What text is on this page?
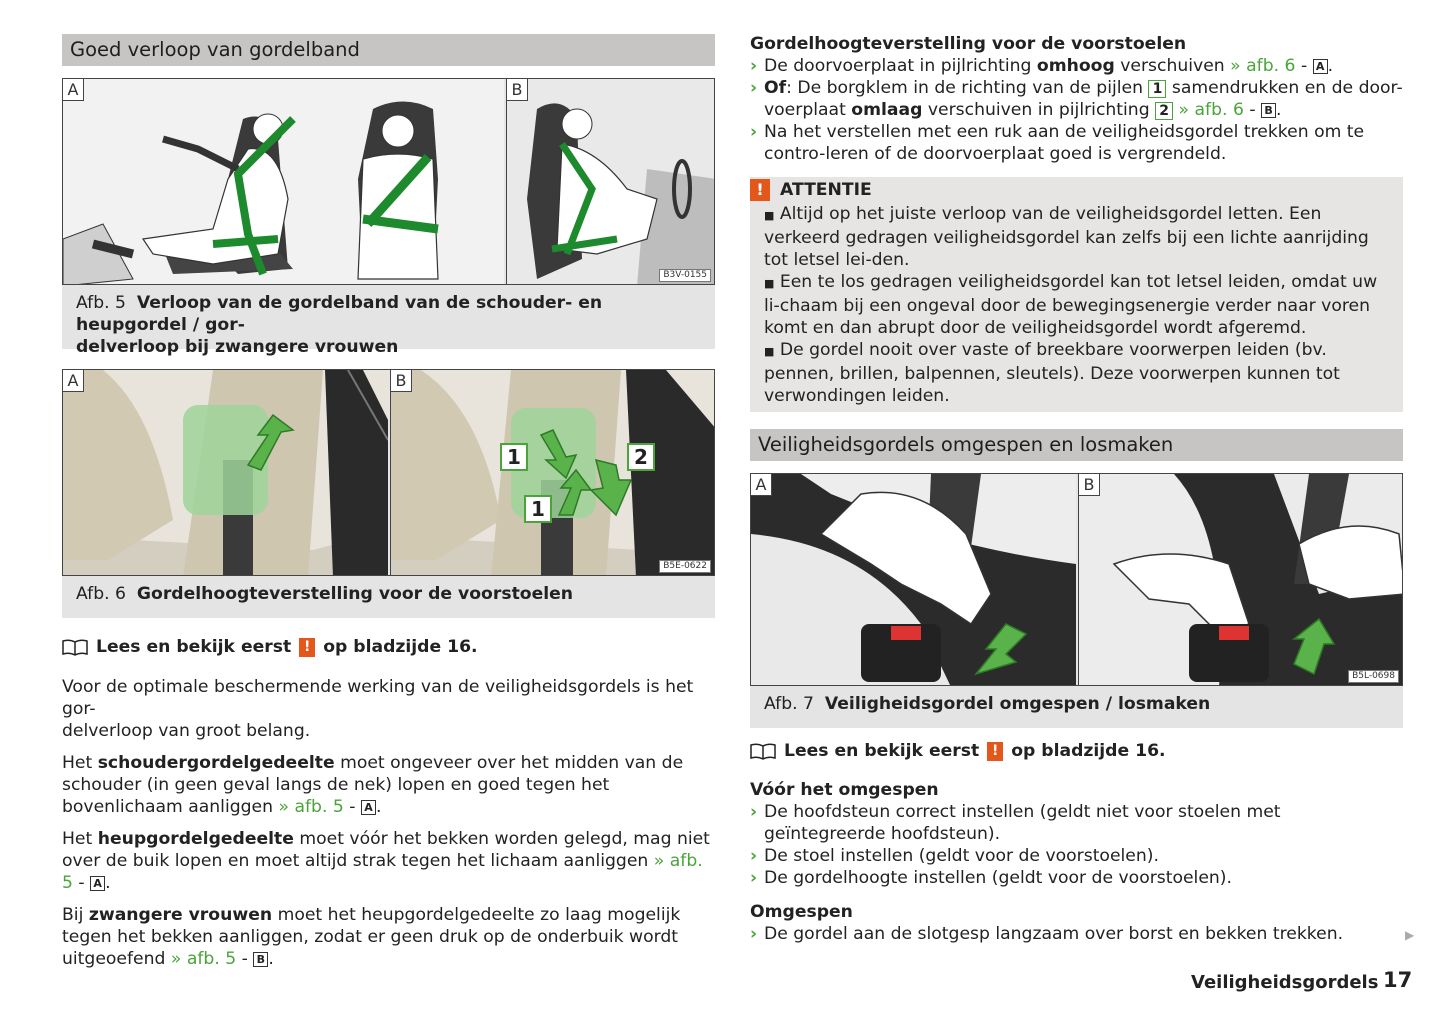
Goed verloop van gordelband
A	B
B3V-0155
Afb. 5 Verloop van de gordelband van de schouder- en heupgordel / gor-
delverloop bij zwangere vrouwen
A	B
1	2
1
B5E-0622
Afb. 6 Gordelhoogteverstelling voor de voorstoelen
Lees en bekijk eerst ! op bladzijde 16.

Voor de optimale beschermende werking van de veiligheidsgordels is het gor-
delverloop van groot belang.

Het schoudergordelgedeelte moet ongeveer over het midden van de schouder (in geen geval langs de nek) lopen en goed tegen het bovenlichaam aanliggen » afb. 5 - A .

Het heupgordelgedeelte moet vóór het bekken worden gelegd, mag niet over de buik lopen en moet altijd strak tegen het lichaam aanliggen » afb. 5 - A .

Bij zwangere vrouwen moet het heupgordelgedeelte zo laag mogelijk tegen het bekken aanliggen, zodat er geen druk op de onderbuik wordt uitgeoefend » afb. 5 - B .

Gordelhoogteverstelling voor de voorstoelen
› De doorvoerplaat in pijlrichting omhoog verschuiven » afb. 6 - A .
› Of: De borgklem in de richting van de pijlen 1 samendrukken en de door-voerplaat omlaag verschuiven in pijlrichting 2 » afb. 6 - B .
› Na het verstellen met een ruk aan de veiligheidsgordel trekken om te contro-leren of de doorvoerplaat goed is vergrendeld.
! ATTENTIE
■ Altijd op het juiste verloop van de veiligheidsgordel letten. Een verkeerd gedragen veiligheidsgordel kan zelfs bij een lichte aanrijding tot letsel lei-den.
■ Een te los gedragen veiligheidsgordel kan tot letsel leiden, omdat uw li-chaam bij een ongeval door de bewegingsenergie verder naar voren komt en dan abrupt door de veiligheidsgordel wordt afgeremd.
■ De gordel nooit over vaste of breekbare voorwerpen leiden (bv. pennen, brillen, balpennen, sleutels). Deze voorwerpen kunnen tot verwondingen leiden.
Veiligheidsgordels omgespen en losmaken
A	B
B5L-0698
Afb. 7 Veiligheidsgordel omgespen / losmaken
Lees en bekijk eerst ! op bladzijde 16.
Vóór het omgespen
› De hoofdsteun correct instellen (geldt niet voor stoelen met geïntegreerde hoofdsteun).
› De stoel instellen (geldt voor de voorstoelen).
› De gordelhoogte instellen (geldt voor de voorstoelen).
Omgespen
› De gordel aan de slotgesp langzaam over borst en bekken trekken.	▶
Veiligheidsgordels 17
